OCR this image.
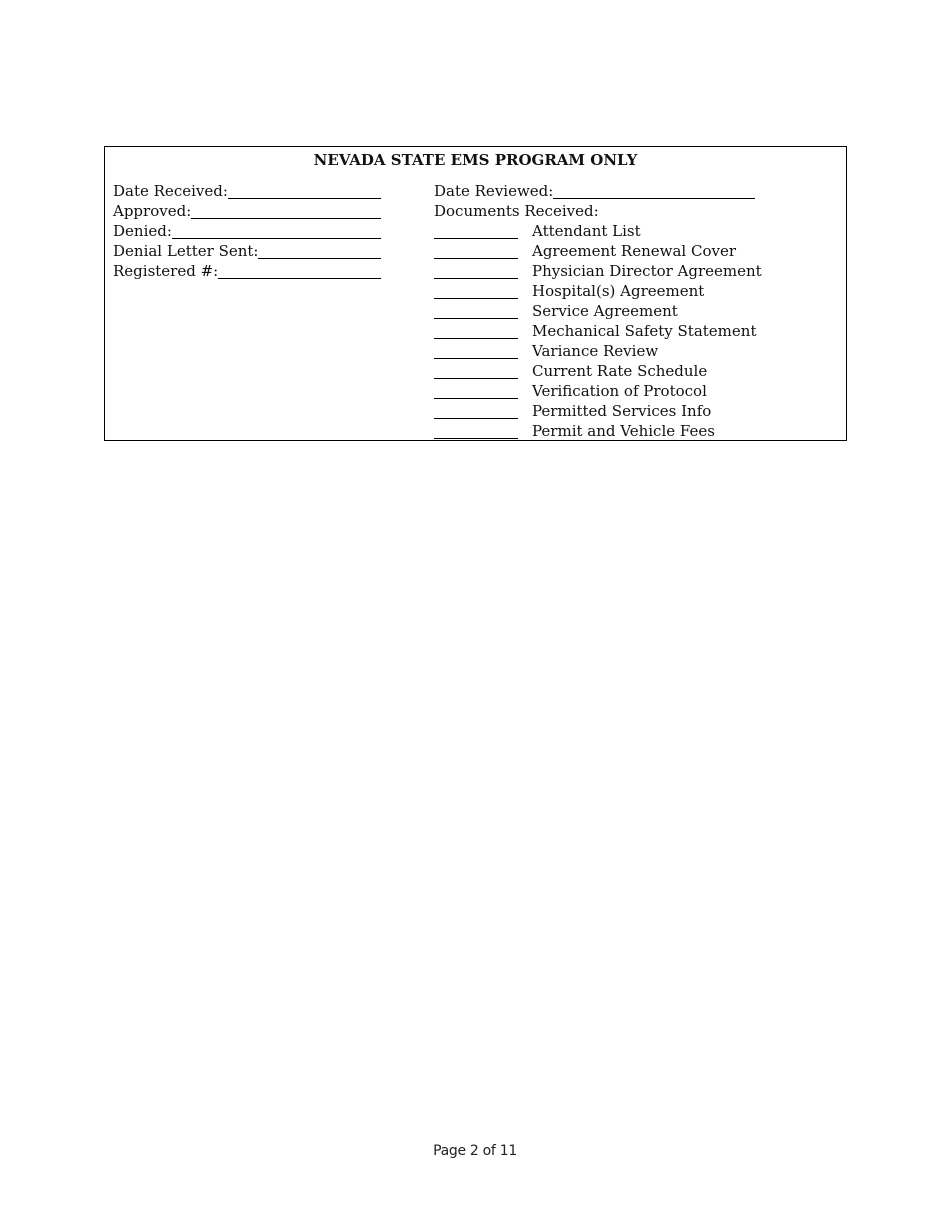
NEVADA STATE EMS PROGRAM ONLY
Date Received:
Approved:
Denied:
Denial Letter Sent:
Registered #:
Date Reviewed:
Documents Received:
Attendant List
Agreement Renewal Cover
Physician Director Agreement
Hospital(s) Agreement
Service Agreement
Mechanical Safety Statement
Variance Review
Current Rate Schedule
Verification of Protocol
Permitted Services Info
Permit and Vehicle Fees
Page 2 of 11
